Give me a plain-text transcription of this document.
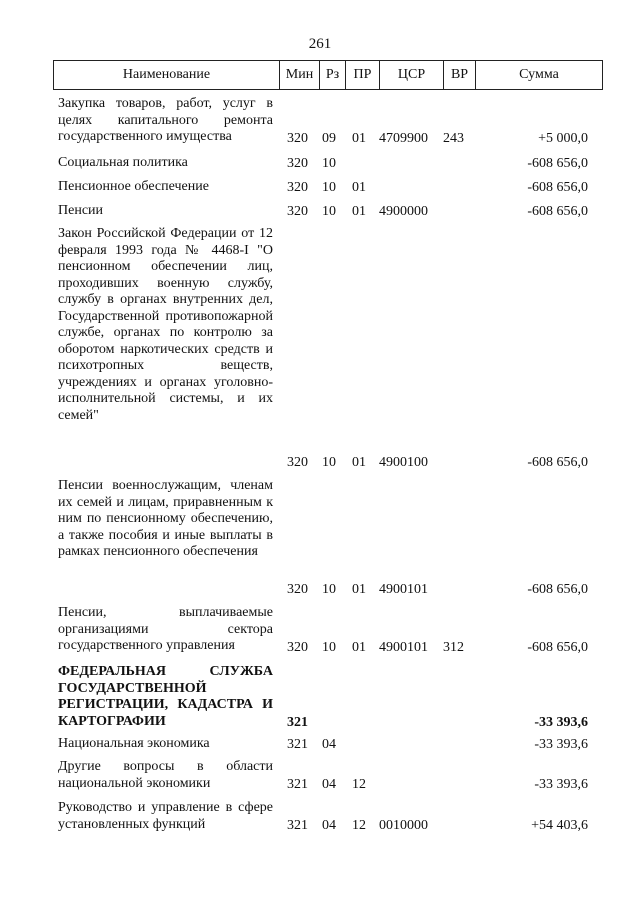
261
Наименование	Мин Рз	ПР	ЦСР	ВР	Сумма
Закупка товаров, работ, услуг в целях капитального ремонта государственного имущества	320 09 01 4709900 243	+5 000,0
Социальная политика	320 10	-608 656,0
Пенсионное обеспечение	320 10 01	-608 656,0
Пенсии	320 10 01 4900000	-608 656,0
Закон Российской Федерации от 12 февраля 1993 года № 4468-I "О пенсионном обеспечении лиц, проходивших военную службу, службу в органах внутренних дел, Государственной противопожарной службе, органах по контролю за оборотом наркотических средств и психотропных веществ, учреждениях и органах уголовно-исполнительной системы, и их семей"
320 10 01 4900100	-608 656,0
Пенсии военнослужащим, членам их семей и лицам, приравненным к ним по пенсионному обеспечению, а также пособия и иные выплаты в рамках пенсионного обеспечения
320 10 01 4900101	-608 656,0
Пенсии, выплачиваемые организациями сектора государственного управления	320 10 01 4900101 312	-608 656,0
ФЕДЕРАЛЬНАЯ СЛУЖБА ГОСУДАРСТВЕННОЙ РЕГИСТРАЦИИ, КАДАСТРА И КАРТОГРАФИИ	321	-33 393,6
Национальная экономика	321 04	-33 393,6
Другие вопросы в области национальной экономики	321 04 12	-33 393,6
Руководство и управление в сфере установленных функций	321 04 12 0010000	+54 403,6
